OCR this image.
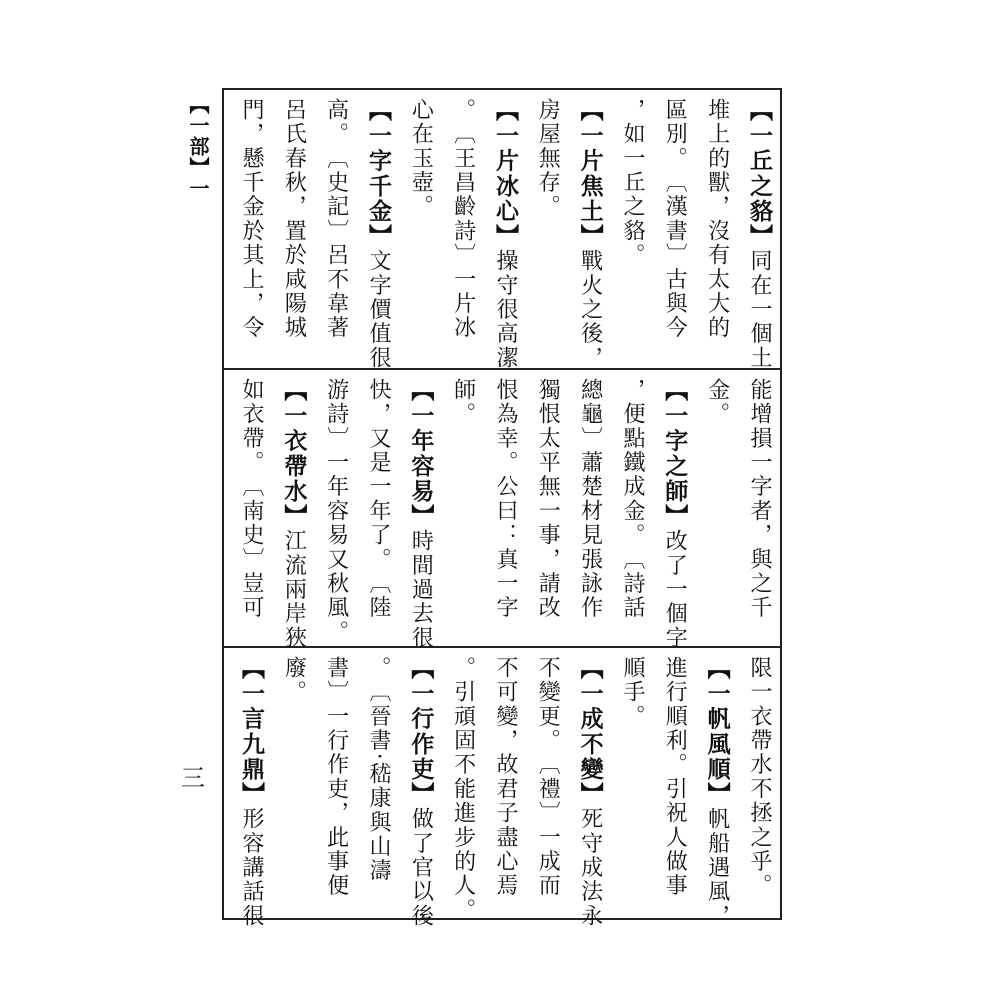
【一部】一
三
【一丘之貉】同在一個土
堆上的獸，沒有太大的
區別。︹漢書︺古與今
，如一丘之貉。
【一片焦土】戰火之後，
房屋無存。
【一片冰心】操守很高潔
。︹王昌齡詩︺一片冰
心在玉壺。
【一字千金】文字價值很
高。︹史記︺呂不韋著
呂氏春秋，置於咸陽城
門，懸千金於其上，令
能增損一字者，與之千
金。
【一字之師】改了一個字
，便點鐵成金。︹詩話
總龜︺蕭楚材見張詠作
獨恨太平無一事，請改
恨為幸。公曰：真一字
師。
【一年容易】時間過去很
快，又是一年了。︹陸
游詩︺一年容易又秋風。
【一衣帶水】江流兩岸狹
如衣帶。︹南史︺豈可
限一衣帶水不拯之乎。
【一帆風順】帆船遇風，
進行順利。引祝人做事
順手。
【一成不變】死守成法永
不變更。︹禮︺一成而
不可變，故君子盡心焉
。引頑固不能進步的人。
【一行作吏】做了官以後
。︹晉書·嵇康與山濤
書︺一行作吏，此事便
廢。
【一言九鼎】形容講話很
